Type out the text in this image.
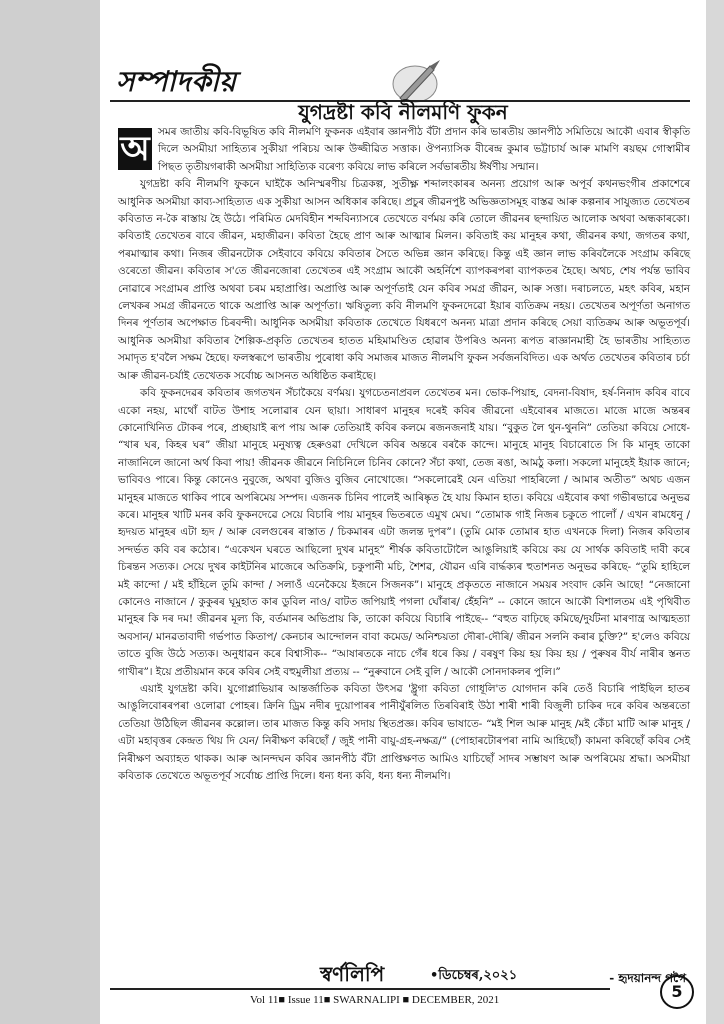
সম্পাদকীয়
যুগদ্ৰষ্টা কবি নীলমণি ফুকন

অ সমৰ জাতীয় কবি-বিভূষিত কবি নীলমণি ফুকনক এইবাৰ জ্ঞানপীঠ বঁটা প্ৰদান কৰি ভাৰতীয় জ্ঞানপীঠ সমিতিয়ে আকৌ এবাৰ স্বীকৃতি দিলে অসমীয়া সাহিত্যৰ সুকীয়া পৰিচয় আৰু উজ্জীৱিত সত্তাক। ঔপন্যাসিক বীৰেন্দ্ৰ কুমাৰ ভট্টাচাৰ্য আৰু মামণি ৰয়ছম গোস্বামীৰ পিছত তৃতীয়গৰাকী অসমীয়া সাহিত্যিক বৰেণ্য কবিয়ে লাভ কৰিলে সৰ্বভাৰতীয় ঈৰ্ষণীয় সন্মান।

যুগদ্ৰষ্টা কবি নীলমণি ফুকনে ঘাইকৈ অনিস্মৰণীয় চিত্ৰকল্প, সুতীক্ষ্ণ শব্দালংকাৰৰ অনন্য প্ৰয়োগ আৰু অপূৰ্ব কথনভংগীৰ প্ৰকাশেৰে আধুনিক অসমীয়া কাব্য-সাহিত্যত এক সুকীয়া আসন অধিকাৰ কৰিছে। প্ৰচুৰ জীৱনপুষ্ট অভিজ্ঞতাসমূহ বাস্তৱ আৰু কল্পনাৰ সাযুজ্যত তেখেতৰ কবিতাত ন-কৈ ৰাস্তায় হৈ উঠে। পৰিমিত মেদবিহীন শব্দবিন্যাসৰে তেখেতে বৰ্ণময় কৰি তোলে জীৱনৰ ছন্দায়িত আলোক অথবা অন্ধকাৰকো। কবিতাই তেখেতৰ বাবে জীৱন, মহাজীৱন। কবিতা হৈছে প্ৰাণ আৰু আত্মাৰ মিলন। কবিতাই কয় মানুহৰ কথা, জীৱনৰ কথা, জগতৰ কথা, পৰমাত্মাৰ কথা। নিজৰ জীৱনটোক সেইবাবে কবিয়ে কবিতাৰ সৈতে অভিন্ন জ্ঞান কৰিছে। কিন্তু এই জ্ঞান লাভ কৰিবলৈকে সংগ্ৰাম কৰিছে ওৰেতো জীৱন। কবিতাৰ স'তে জীৱনজোৰা তেখেতৰ এই সংগ্ৰাম আকৌ অহৰ্নিশে ব্যাপকৰপৰা ব্যাপকতৰ হৈছে। অথচ, শেষ পৰ্যন্ত ভাবিব নোৱাৰে সংগ্ৰামৰ প্ৰাপ্তি অথবা চৰম মহাপ্ৰাপ্তি। অপ্ৰাপ্তি আৰু অপূৰ্ণতাই যেন কবিৰ সমগ্ৰ জীৱন, আৰু সত্তা। দৰাচলতে, মহৎ কবিৰ, মহান লেখকৰ সমগ্ৰ জীৱনতে থাকে অপ্ৰাপ্তি আৰু অপূৰ্ণতা। ঋষিতুল্য কবি নীলমণি ফুকনদেৱো ইয়াৰ ব্যতিক্ৰম নহয়। তেখেতৰ অপূৰ্ণতা অনাগত দিনৰ পূৰ্ণতাৰ অপেক্ষাত চিৰবন্দী। আধুনিক অসমীয়া কবিতাক তেখেতে যিধৰণে অনন্য মাত্ৰা প্ৰদান কৰিছে সেয়া ব্যতিক্ৰম আৰু অভূতপূৰ্ব। আধুনিক অসমীয়া কবিতাৰ শৈল্পিক-প্ৰকৃতি তেখেতৰ হাতত মহিমামণ্ডিত হোৱাৰ উপৰিও অনন্য ৰূপত ৰাজ্ঞানমাহী হৈ ভাৰতীয় সাহিত্যত সমাদৃত হ'বলৈ সক্ষম হৈছে। ফলস্বৰূপে ভাৰতীয় পুৰোধা কবি সমাজৰ মাজত নীলমণি ফুকন সৰ্বজনবিদিত। এক অৰ্থত তেখেতৰ কবিতাৰ চৰ্চা আৰু জীৱন-চৰ্যাই তেখেতক সৰ্বোচ্চ আসনত অধিষ্ঠিত কৰাইছে।

কবি ফুকনদেৱৰ কবিতাৰ জগতখন সঁচাকৈয়ে বৰ্ণময়। যুগচেতনাপ্ৰবল তেখেতৰ মন। ভোক-পিয়াহ, বেদনা-বিষাদ, হৰ্ষ-নিনাদ কবিৰ বাবে একো নহয়, মাথোঁ বাটত উশাহ সলোৱাৰ যেন ছায়া। সাধাৰণ মানুহৰ দৰেই কবিৰ জীৱনো এইবোৰৰ মাজতে। মাজে মাজে অন্তৰৰ কোনোখিনিত টোকৰ পৰে, প্ৰচ্ছায়াই ৰূপ পায় আৰু তেতিয়াই কবিৰ কলমে ৰজনজনাই যায়। “বুকুত লৈ থুন-থুননি” তেতিয়া কবিয়ে সোধে- “খাৰ ঘৰ, কিহৰ ঘৰ” জীয়া মানুহে মনুষ্যত্ব হেৰুওৱা দেখিলে কবিৰ অন্তৰে বৰকৈ কান্দে। মানুহে মানুহ বিচাৰোতে সি কি মানুহ তাকো নাজানিলে জানো অৰ্থ কিবা পায়! জীৱনক জীৱনে নিচিনিলে চিনিব কোনে? সঁচা কথা, তেজ ৰঙা, আমঠু কলা। সকলো মানুহেই ইয়াক জানে; ভাবিবও পাৰে। কিন্তু কোনেও নুবুজে, অথবা বুজিও বুজিব নোখোজে। “সকলোৱেই যেন এতিয়া পাহৰিলো / আমাৰ অতীত” অথচ এজন মানুহৰ মাজতে থাকিব পাৰে অপৰিমেয় সম্পদ। এজনক চিনিব পালেই আৰিষ্কৃত হৈ যায় কিমান হাত। কবিয়ে এইবোৰ কথা গভীৰভাৱে অনুভৱ কৰে। মানুহৰ খাটি মনৰ কবি ফুকনদেৱে সেয়ে বিচাৰি পায় মানুহৰ ভিতৰতে এমুখ মেঘ। “তোমাক গাই নিজৰ চকুতে পালোঁ / এখন ৰামধেনু / হৃদয়ত মানুহৰ এটা হৃদ / আৰু বেলগুৰেৰ ৰাস্তাত / চিকমাৰৰ এটা জলন্ত দুপৰ”। (তুমি মোক তোমাৰ হাত এখনকে দিলা) নিজৰ কবিতাৰ সন্দৰ্ভত কবি বৰ কঠোৰ। “একেখন ঘৰতে আছিলো দুখৰ মানুহ” শীৰ্ষক কবিতাটোলৈ আঙুলিয়াই কবিয়ে কয় যে সাৰ্থক কবিতাই দাবী কৰে চিৰন্তন সত্যক। সেয়ে দুখৰ কাইটনিৰ মাজেৰে অতিক্ৰমি, চকুপানী মচি, শৈশৱ, যৌৱন এৰি বাৰ্দ্ধক্যৰ হুতাশনত অনুভৱ কৰিছে- “তুমি হাহিলে মই কান্দো / মই হাঁহিলে তুমি কান্দা / সলাওঁ এনেকৈয়ে ইজনে সিজনক”। মানুহে প্ৰকৃততে নাজানে সময়ৰ সংবাদ কেনি আছে! “নেজানো কোনেও নাজানে / কুকুৰৰ ঘূমুহাত কাৰ ডুবিল নাও/ বাটত জপিয়াই পগলা ঘোঁৰাৰ/ হেঁহনি” -- কোনে জানে আকৌ বিশালতম এই পৃথিবীত মানুহৰ কি দৰ দম! জীৱনৰ মূল্য কি, বৰ্তমানৰ অভিপ্ৰায় কি, তাকো কবিয়ে বিচাৰি পাইছে-- “বহুত বাঢ়িছে কমিছে/দুৰ্যটনা মাৰণান্ত্ৰ আত্মহত্যা অবসান/ মানৱতাবাদী গৰ্ভপাত কিতাপ/ কেনচাৰ আন্দোলন বাবা কমেড/ অনিশ্চয়তা দৌৰা-দৌৰি/ জীৱন সলনি কৰাৰ চুক্তি?” হ'লেও কবিয়ে তাতে বুজি উঠে সত্যক। অনুধাৱন কৰে বিশ্বাসীক-- “আষাৰতকে নাচে গেঁৰ ধৰে কিয় / বৰষুণ কিয় হয় কিয় হয় / পুৰুষৰ বীৰ্য নাৰীৰ স্তনত গাখীৰ”। ইয়ে প্ৰতীয়মান কৰে কবিৰ সেই বহুমুলীয়া প্ৰত্যয় -- “নুৰুবানে সেই বুলি / আকৌ সোনদাকলৰ পুলি।”

এয়াই যুগদ্ৰষ্টা কবি। যুগোপ্লাভিয়াৰ আন্তৰ্জাতিক কবিতা উৎসৱ 'ষ্ট্ৰুগা কবিতা গোধূলি'ত যোগদান কৰি তেওঁ বিচাৰি পাইছিল হাতৰ আঙুলিবোৰৰপৰা ওলোৱা পোহৰ। ক্ৰিনি ড্ৰিম নদীৰ দুয়োপাৰৰ পানীযুঁৰলিত তিৰবিৰাই উঠা শাৰী শাৰী বিজুলী চাকিৰ দৰে কবিৰ অন্তৰতো তেতিয়া উঠিছিল জীৱনৰ কল্লোল। তাৰ মাজত কিন্তু কবি সদায় স্থিতপ্ৰজ্ঞ। কবিৰ ভাষাতে- “মই শিল আৰু মানুহ /মই কেঁচা মাটি আৰু মানুহ /এটা মহাবৃত্তৰ কেন্দ্ৰত থিয় দি যেন/ নিৰীক্ষণ কৰিছোঁ / জুই পানী বায়ু-গ্ৰহ-নক্ষত্ৰ/” (পোহাৰটোৰপৰা নামি আহিছোঁ) কামনা কৰিছোঁ কবিৰ সেই নিৰীক্ষণ অব্যাহত থাকক। আৰু আনন্দঘন কবিৰ জ্ঞানপীঠ বঁটা প্ৰাপ্তিক্ষণত আমিও যাচিছোঁ সাদৰ সম্ভাষণ আৰু অপৰিমেয় শ্ৰদ্ধা। অসমীয়া কবিতাক তেখেতে অভূতপূৰ্ব সৰ্বোচ্চ প্ৰাপ্তি দিলে। ধন্য ধন্য কবি, ধন্য ধন্য নীলমণি।

- হৃদয়ানন্দ গগৈ
স্বৰ্ণলিপি	•ডিচেম্বৰ,২০২১
Vol 11■ Issue 11■ SWARNALIPI ■ DECEMBER, 2021	5
